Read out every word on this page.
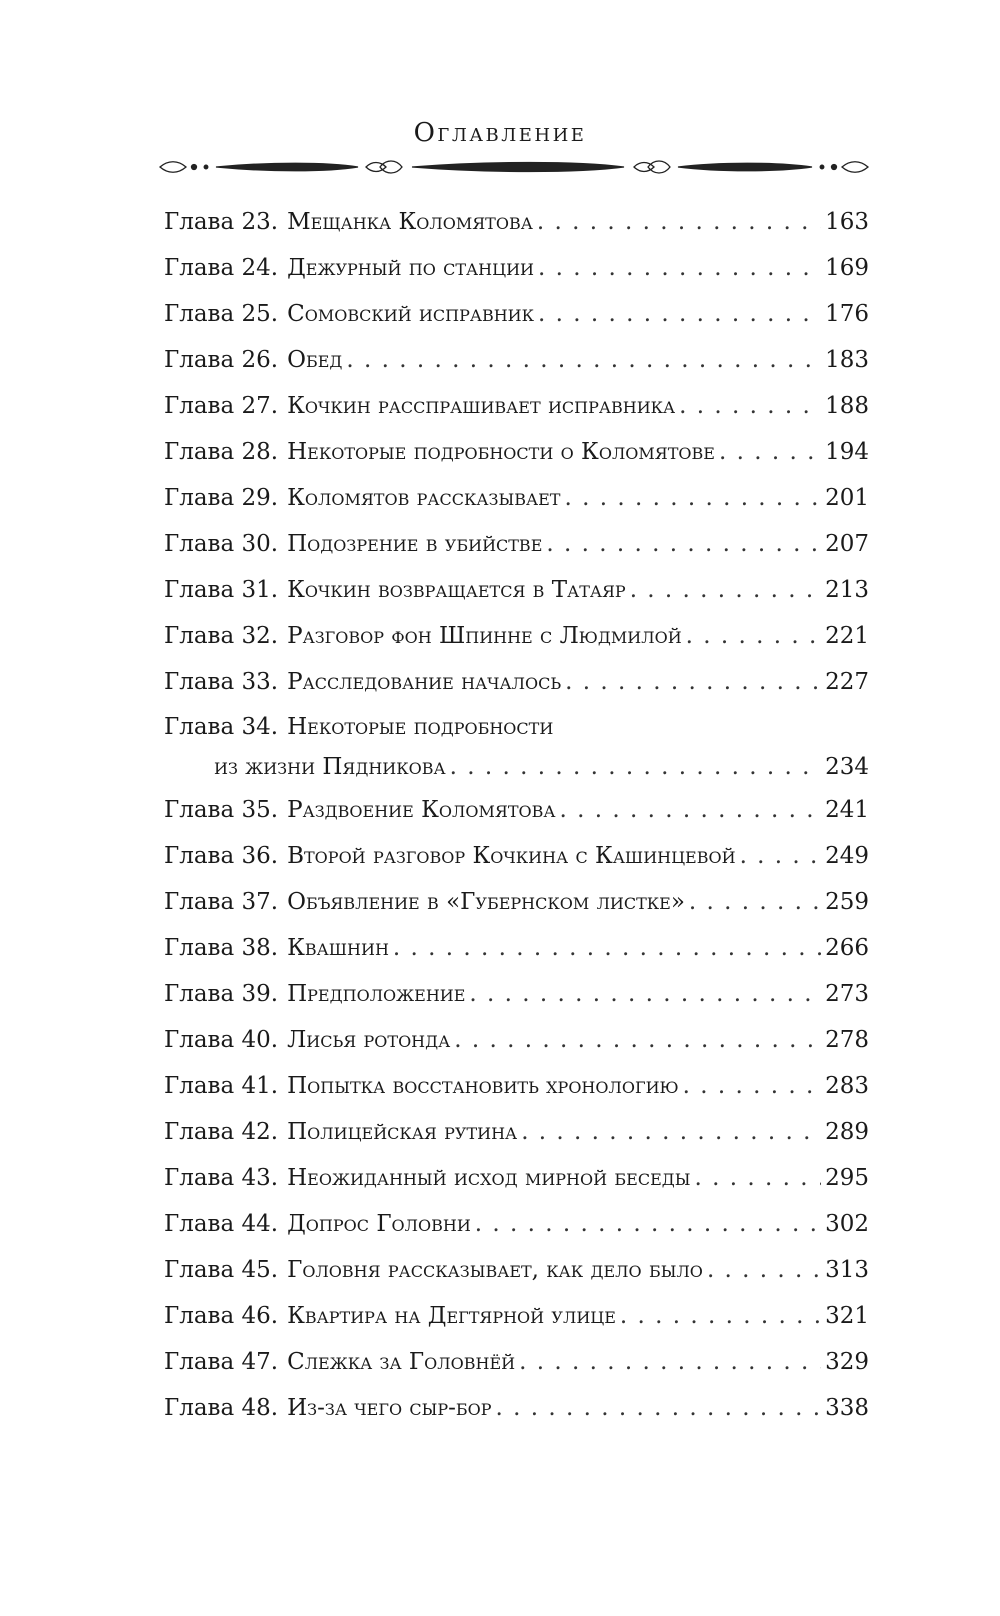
Оглавление
Глава 23. Мещанка Коломятова . . .	163
Глава 24. Дежурный по станции . . .	169
Глава 25. Сомовский исправник . . .	176
Глава 26. Обед . . .	183
Глава 27. Кочкин расспрашивает исправника . . .	188
Глава 28. Некоторые подробности о Коломятове . . .	194
Глава 29. Коломятов рассказывает . . .	201
Глава 30. Подозрение в убийстве . . .	207
Глава 31. Кочкин возвращается в Татаяр . . .	213
Глава 32. Разговор фон Шпинне с Людмилой . . .	221
Глава 33. Расследование началось . . .	227
Глава 34. Некоторые подробности
из жизни Пядникова . . .	234
Глава 35. Раздвоение Коломятова . . .	241
Глава 36. Второй разговор Кочкина с Кашинцевой . . .	249
Глава 37. Объявление в «Губернском листке» . . .	259
Глава 38. Квашнин . . .	266
Глава 39. Предположение . . .	273
Глава 40. Лисья ротонда . . .	278
Глава 41. Попытка восстановить хронологию . . .	283
Глава 42. Полицейская рутина . . .	289
Глава 43. Неожиданный исход мирной беседы . . .	295
Глава 44. Допрос Головни . . .	302
Глава 45. Головня рассказывает, как дело было . . .	313
Глава 46. Квартира на Дегтярной улице . . .	321
Глава 47. Слежка за Головнёй . . .	329
Глава 48. Из-за чего сыр-бор . . .	338
